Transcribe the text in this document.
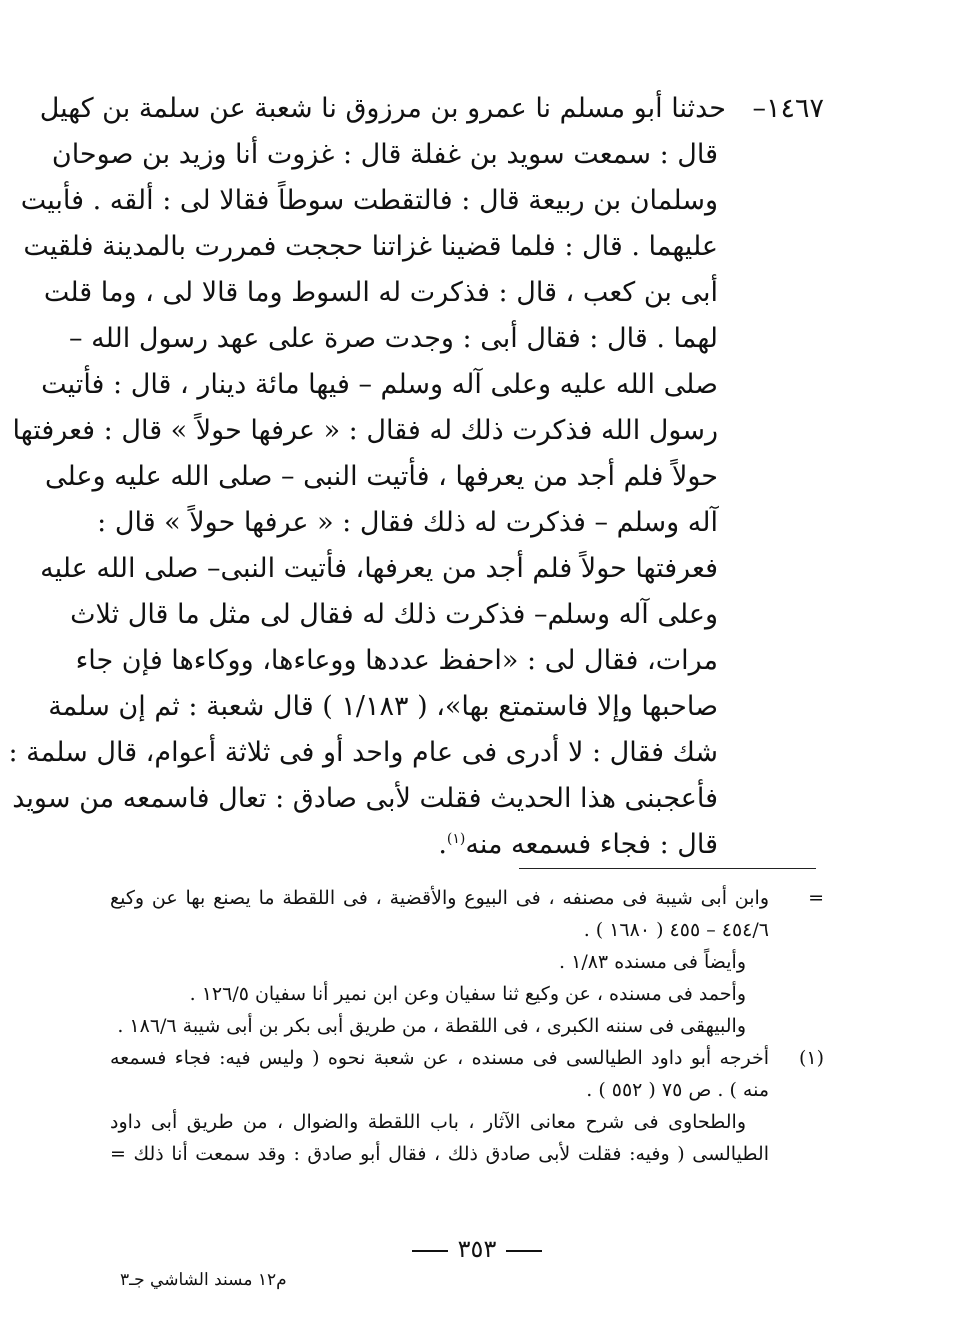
١٤٦٧–
حدثنا أبو مسلم نا عمرو بن مرزوق نا شعبة عن سلمة بن كهيل
قال : سمعت سويد بن غفلة قال : غزوت أنا وزيد بن صوحان
وسلمان بن ربيعة قال : فالتقطت سوطاً فقالا لى : ألقه . فأبيت
عليهما . قال : فلما قضينا غزاتنا حججت فمررت بالمدينة فلقيت
أبى بن كعب ، قال : فذكرت له السوط وما قالا لى ، وما قلت
لهما . قال : فقال أبى : وجدت صرة على عهد رسول الله –
صلى الله عليه وعلى آله وسلم – فيها مائة دينار ، قال : فأتيت
رسول الله فذكرت ذلك له فقال : « عرفها حولاً » قال : فعرفتها
حولاً فلم أجد من يعرفها ، فأتيت النبى – صلى الله عليه وعلى
آله وسلم – فذكرت له ذلك فقال : « عرفها حولاً » قال :
فعرفتها حولاً فلم أجد من يعرفها، فأتيت النبى– صلى الله عليه
وعلى آله وسلم– فذكرت ذلك له فقال لى مثل ما قال ثلاث
مرات، فقال لى : «احفظ عددها ووعاءها، ووكاءها فإن جاء
صاحبها وإلا فاستمتع بها»، ( ١/١٨٣ ) قال شعبة : ثم إن سلمة
شك فقال : لا أدرى فى عام واحد أو فى ثلاثة أعوام، قال سلمة :
فأعجبنى هذا الحديث فقلت لأبى صادق : تعال فاسمعه من سويد
قال : فجاء فسمعه منه$^{(١)}$.
=
وابن أبى شيبة فى مصنفه ، فى البيوع والأقضية ، فى اللقطة ما يصنع بها عن وكيع
٤٥٤/٦ – ٤٥٥ ( ١٦٨٠ ) .
وأيضاً فى مسنده ١/٨٣ .
وأحمد فى مسنده ، عن وكيع ثنا سفيان وعن ابن نمير أنا سفيان ١٢٦/٥ .
والبيهقى فى سننه الكبرى ، فى اللقطة ، من طريق أبى بكر بن أبى شيبة ١٨٦/٦ .
(١)
أخرجه أبو داود الطيالسى فى مسنده ، عن شعبة نحوه ( وليس فيه: فجاء فسمعه
منه ) . ص ٧٥ ( ٥٥٢ ) .
والطحاوى فى شرح معانى الآثار ، باب اللقطة والضوال ، من طريق أبى داود
الطيالسى ( وفيه: فقلت لأبى صادق ذلك ، فقال أبو صادق : وقد سمعت أنا ذلك =
٣٥٣
م١٢ مسند الشاشي جـ٣
